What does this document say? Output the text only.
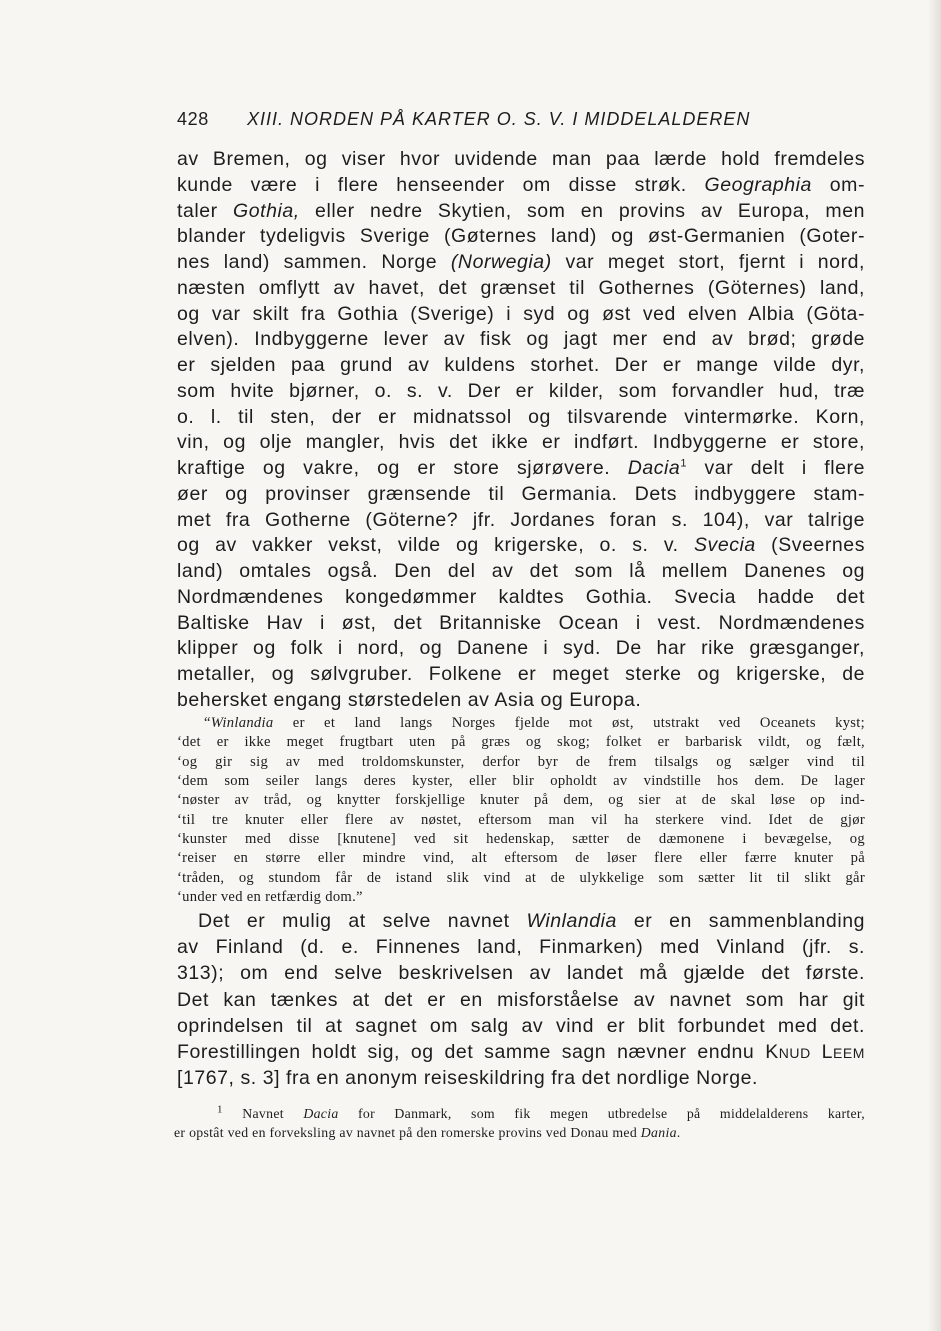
428 XIII. NORDEN PÅ KARTER O. S. V. I MIDDELALDEREN
av Bremen, og viser hvor uvidende man paa lærde hold fremdeles
kunde være i flere henseender om disse strøk. Geographia om-
taler Gothia, eller nedre Skytien, som en provins av Europa, men
blander tydeligvis Sverige (Gøternes land) og øst-Germanien (Goter-
nes land) sammen. Norge (Norwegia) var meget stort, fjernt i nord,
næsten omflytt av havet, det grænset til Gothernes (Göternes) land,
og var skilt fra Gothia (Sverige) i syd og øst ved elven Albia (Göta-
elven). Indbyggerne lever av fisk og jagt mer end av brød; grøde
er sjelden paa grund av kuldens storhet. Der er mange vilde dyr,
som hvite bjørner, o. s. v. Der er kilder, som forvandler hud, træ
o. l. til sten, der er midnatssol og tilsvarende vintermørke. Korn,
vin, og olje mangler, hvis det ikke er indført. Indbyggerne er store,
kraftige og vakre, og er store sjørøvere. Dacia$^1$ var delt i flere
øer og provinser grænsende til Germania. Dets indbyggere stam-
met fra Gotherne (Göterne? jfr. Jordanes foran s. 104), var talrige
og av vakker vekst, vilde og krigerske, o. s. v. Svecia (Sveernes
land) omtales også. Den del av det som lå mellem Danenes og
Nordmændenes kongedømmer kaldtes Gothia. Svecia hadde det
Baltiske Hav i øst, det Britanniske Ocean i vest. Nordmændenes
klipper og folk i nord, og Danene i syd. De har rike græsganger,
metaller, og sølvgruber. Folkene er meget sterke og krigerske, de
behersket engang størstedelen av Asia og Europa.
“Winlandia er et land langs Norges fjelde mot øst, utstrakt ved Oceanets kyst;
‘det er ikke meget frugtbart uten på græs og skog; folket er barbarisk vildt, og fælt,
‘og gir sig av med troldomskunster, derfor byr de frem tilsalgs og sælger vind til
‘dem som seiler langs deres kyster, eller blir opholdt av vindstille hos dem. De lager
‘nøster av tråd, og knytter forskjellige knuter på dem, og sier at de skal løse op ind-
‘til tre knuter eller flere av nøstet, eftersom man vil ha sterkere vind. Idet de gjør
‘kunster med disse [knutene] ved sit hedenskap, sætter de dæmonene i bevægelse, og
‘reiser en større eller mindre vind, alt eftersom de løser flere eller færre knuter på
‘tråden, og stundom får de istand slik vind at de ulykkelige som sætter lit til slikt går
‘under ved en retfærdig dom.”
Det er mulig at selve navnet Winlandia er en sammenblanding
av Finland (d. e. Finnenes land, Finmarken) med Vinland (jfr. s.
313); om end selve beskrivelsen av landet må gjælde det første.
Det kan tænkes at det er en misforståelse av navnet som har git
oprindelsen til at sagnet om salg av vind er blit forbundet med det.
Forestillingen holdt sig, og det samme sagn nævner endnu Knud Leem
[1767, s. 3] fra en anonym reiseskildring fra det nordlige Norge.
$^1$ Navnet Dacia for Danmark, som fik megen utbredelse på middelalderens karter,
er opstât ved en forveksling av navnet på den romerske provins ved Donau med Dania.
